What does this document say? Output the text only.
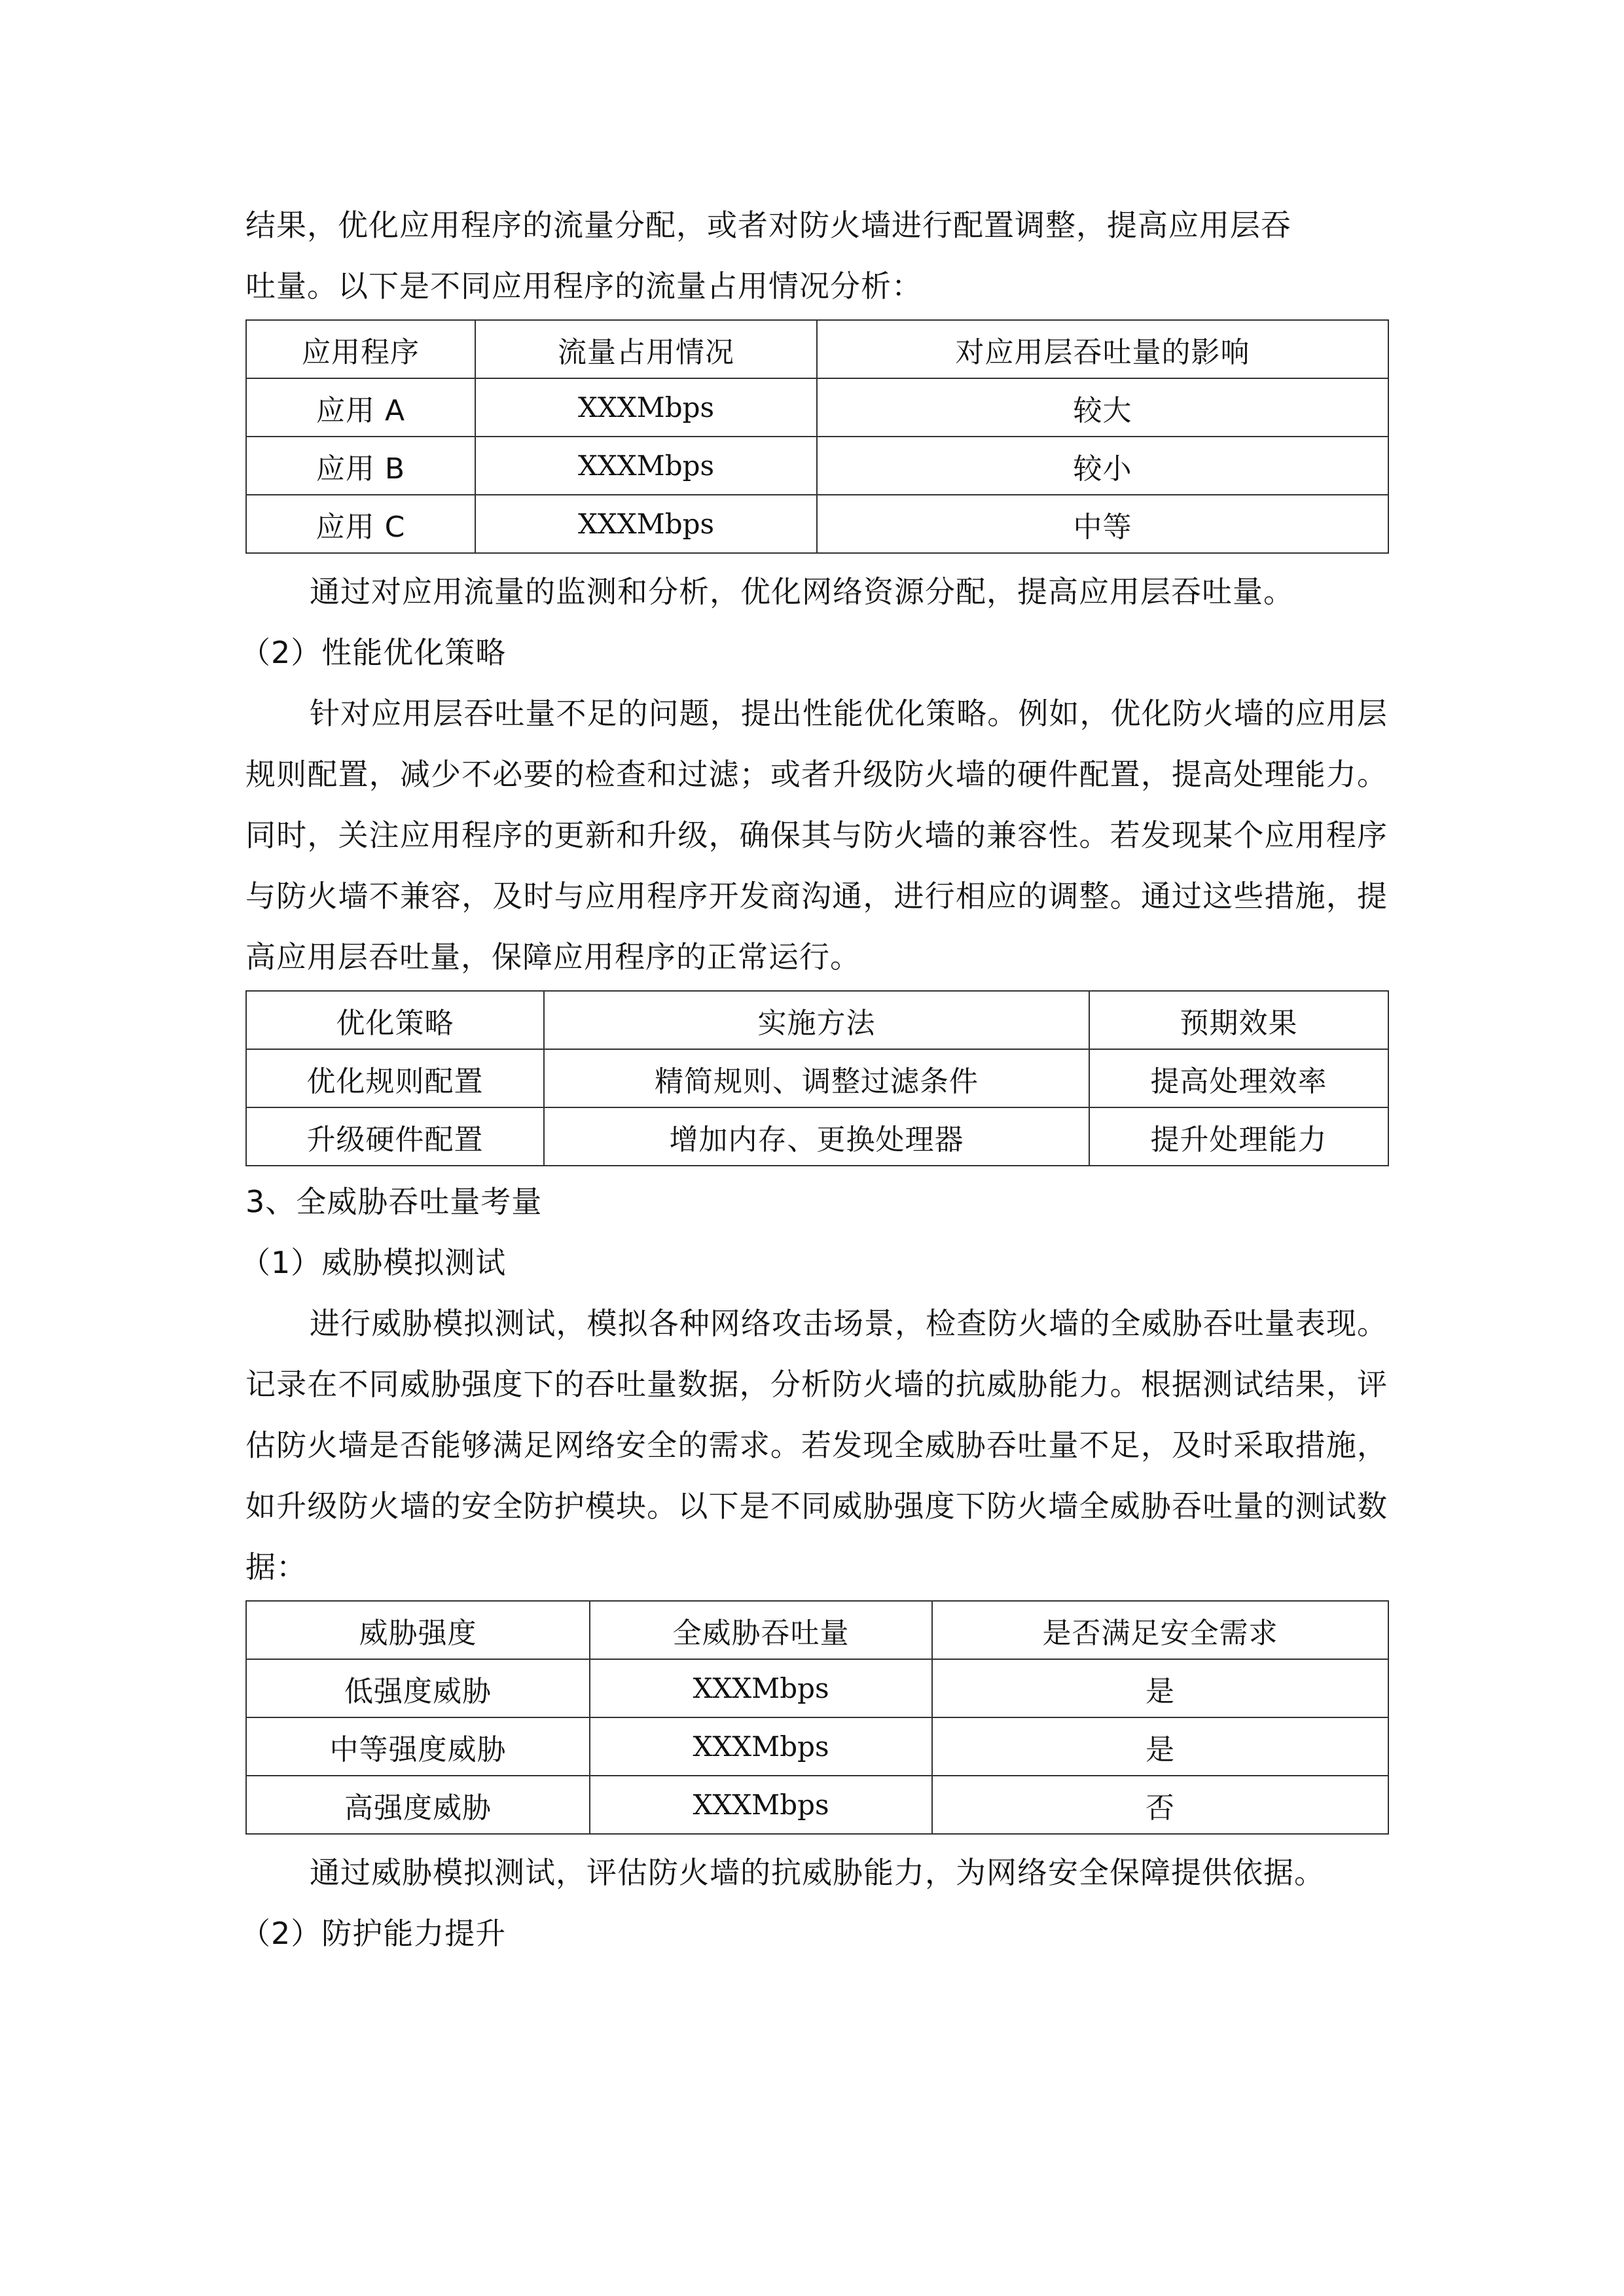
结果，优化应用程序的流量分配，或者对防火墙进行配置调整，提高应用层吞

吐量。以下是不同应用程序的流量占用情况分析：

应用程序	流量占用情况	对应用层吞吐量的影响
应用 A	XXXMbps	较大
应用 B	XXXMbps	较小
应用 C	XXXMbps	中等

通过对应用流量的监测和分析，优化网络资源分配，提高应用层吞吐量。

（2）性能优化策略

针对应用层吞吐量不足的问题，提出性能优化策略。例如，优化防火墙的应用层规则配置，减少不必要的检查和过滤；或者升级防火墙的硬件配置，提高处理能力。同时，关注应用程序的更新和升级，确保其与防火墙的兼容性。若发现某个应用程序与防火墙不兼容，及时与应用程序开发商沟通，进行相应的调整。通过这些措施，提高应用层吞吐量，保障应用程序的正常运行。

优化策略	实施方法	预期效果
优化规则配置	精简规则、调整过滤条件	提高处理效率
升级硬件配置	增加内存、更换处理器	提升处理能力

3、全威胁吞吐量考量

（1）威胁模拟测试

进行威胁模拟测试，模拟各种网络攻击场景，检查防火墙的全威胁吞吐量表现。记录在不同威胁强度下的吞吐量数据，分析防火墙的抗威胁能力。根据测试结果，评估防火墙是否能够满足网络安全的需求。若发现全威胁吞吐量不足，及时采取措施，如升级防火墙的安全防护模块。以下是不同威胁强度下防火墙全威胁吞吐量的测试数据：

威胁强度	全威胁吞吐量	是否满足安全需求
低强度威胁	XXXMbps	是
中等强度威胁	XXXMbps	是
高强度威胁	XXXMbps	否

通过威胁模拟测试，评估防火墙的抗威胁能力，为网络安全保障提供依据。

（2）防护能力提升
